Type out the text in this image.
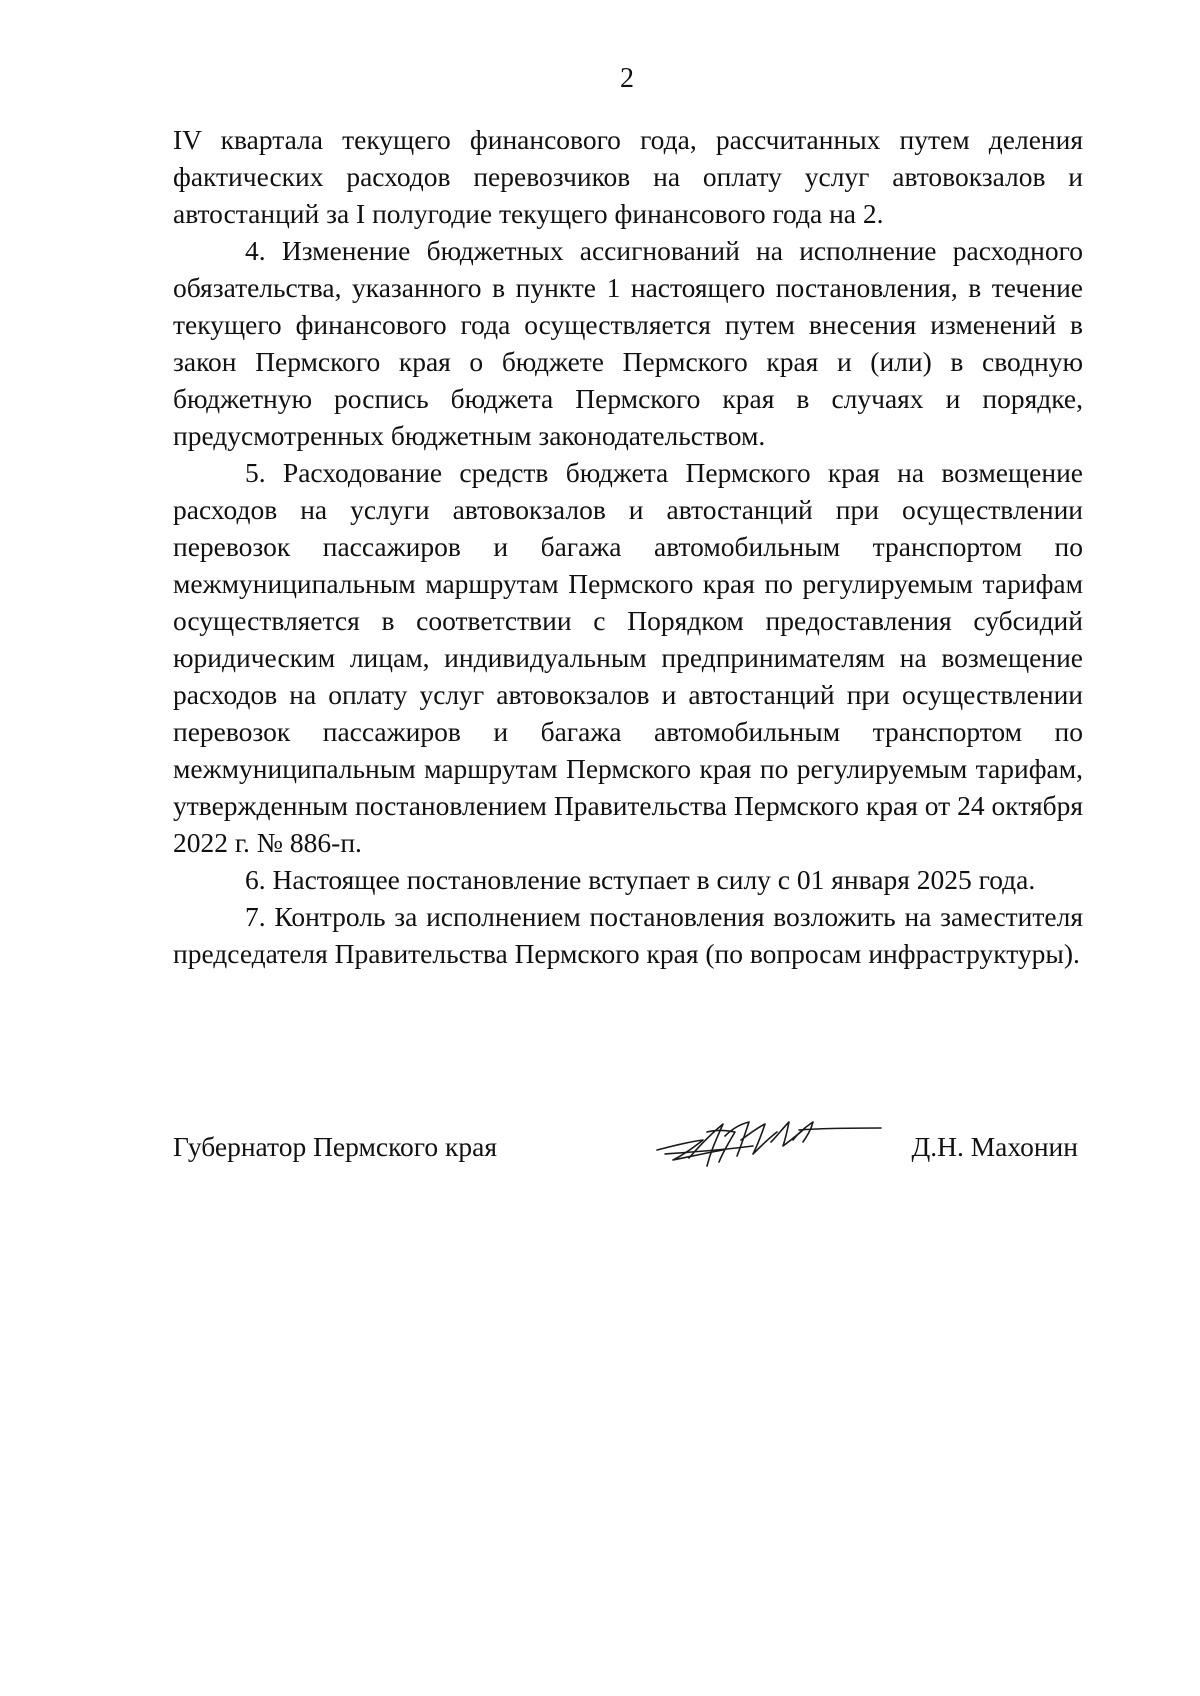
2

IV квартала текущего финансового года, рассчитанных путем деления фактических расходов перевозчиков на оплату услуг автовокзалов и автостанций за I полугодие текущего финансового года на 2.

4. Изменение бюджетных ассигнований на исполнение расходного обязательства, указанного в пункте 1 настоящего постановления, в течение текущего финансового года осуществляется путем внесения изменений в закон Пермского края о бюджете Пермского края и (или) в сводную бюджетную роспись бюджета Пермского края в случаях и порядке, предусмотренных бюджетным законодательством.

5. Расходование средств бюджета Пермского края на возмещение расходов на услуги автовокзалов и автостанций при осуществлении перевозок пассажиров и багажа автомобильным транспортом по межмуниципальным маршрутам Пермского края по регулируемым тарифам осуществляется в соответствии с Порядком предоставления субсидий юридическим лицам, индивидуальным предпринимателям на возмещение расходов на оплату услуг автовокзалов и автостанций при осуществлении перевозок пассажиров и багажа автомобильным транспортом по межмуниципальным маршрутам Пермского края по регулируемым тарифам, утвержденным постановлением Правительства Пермского края от 24 октября 2022 г. № 886-п.

6. Настоящее постановление вступает в силу с 01 января 2025 года.

7. Контроль за исполнением постановления возложить на заместителя председателя Правительства Пермского края (по вопросам инфраструктуры).

Губернатор Пермского края	Д.Н. Махонин
